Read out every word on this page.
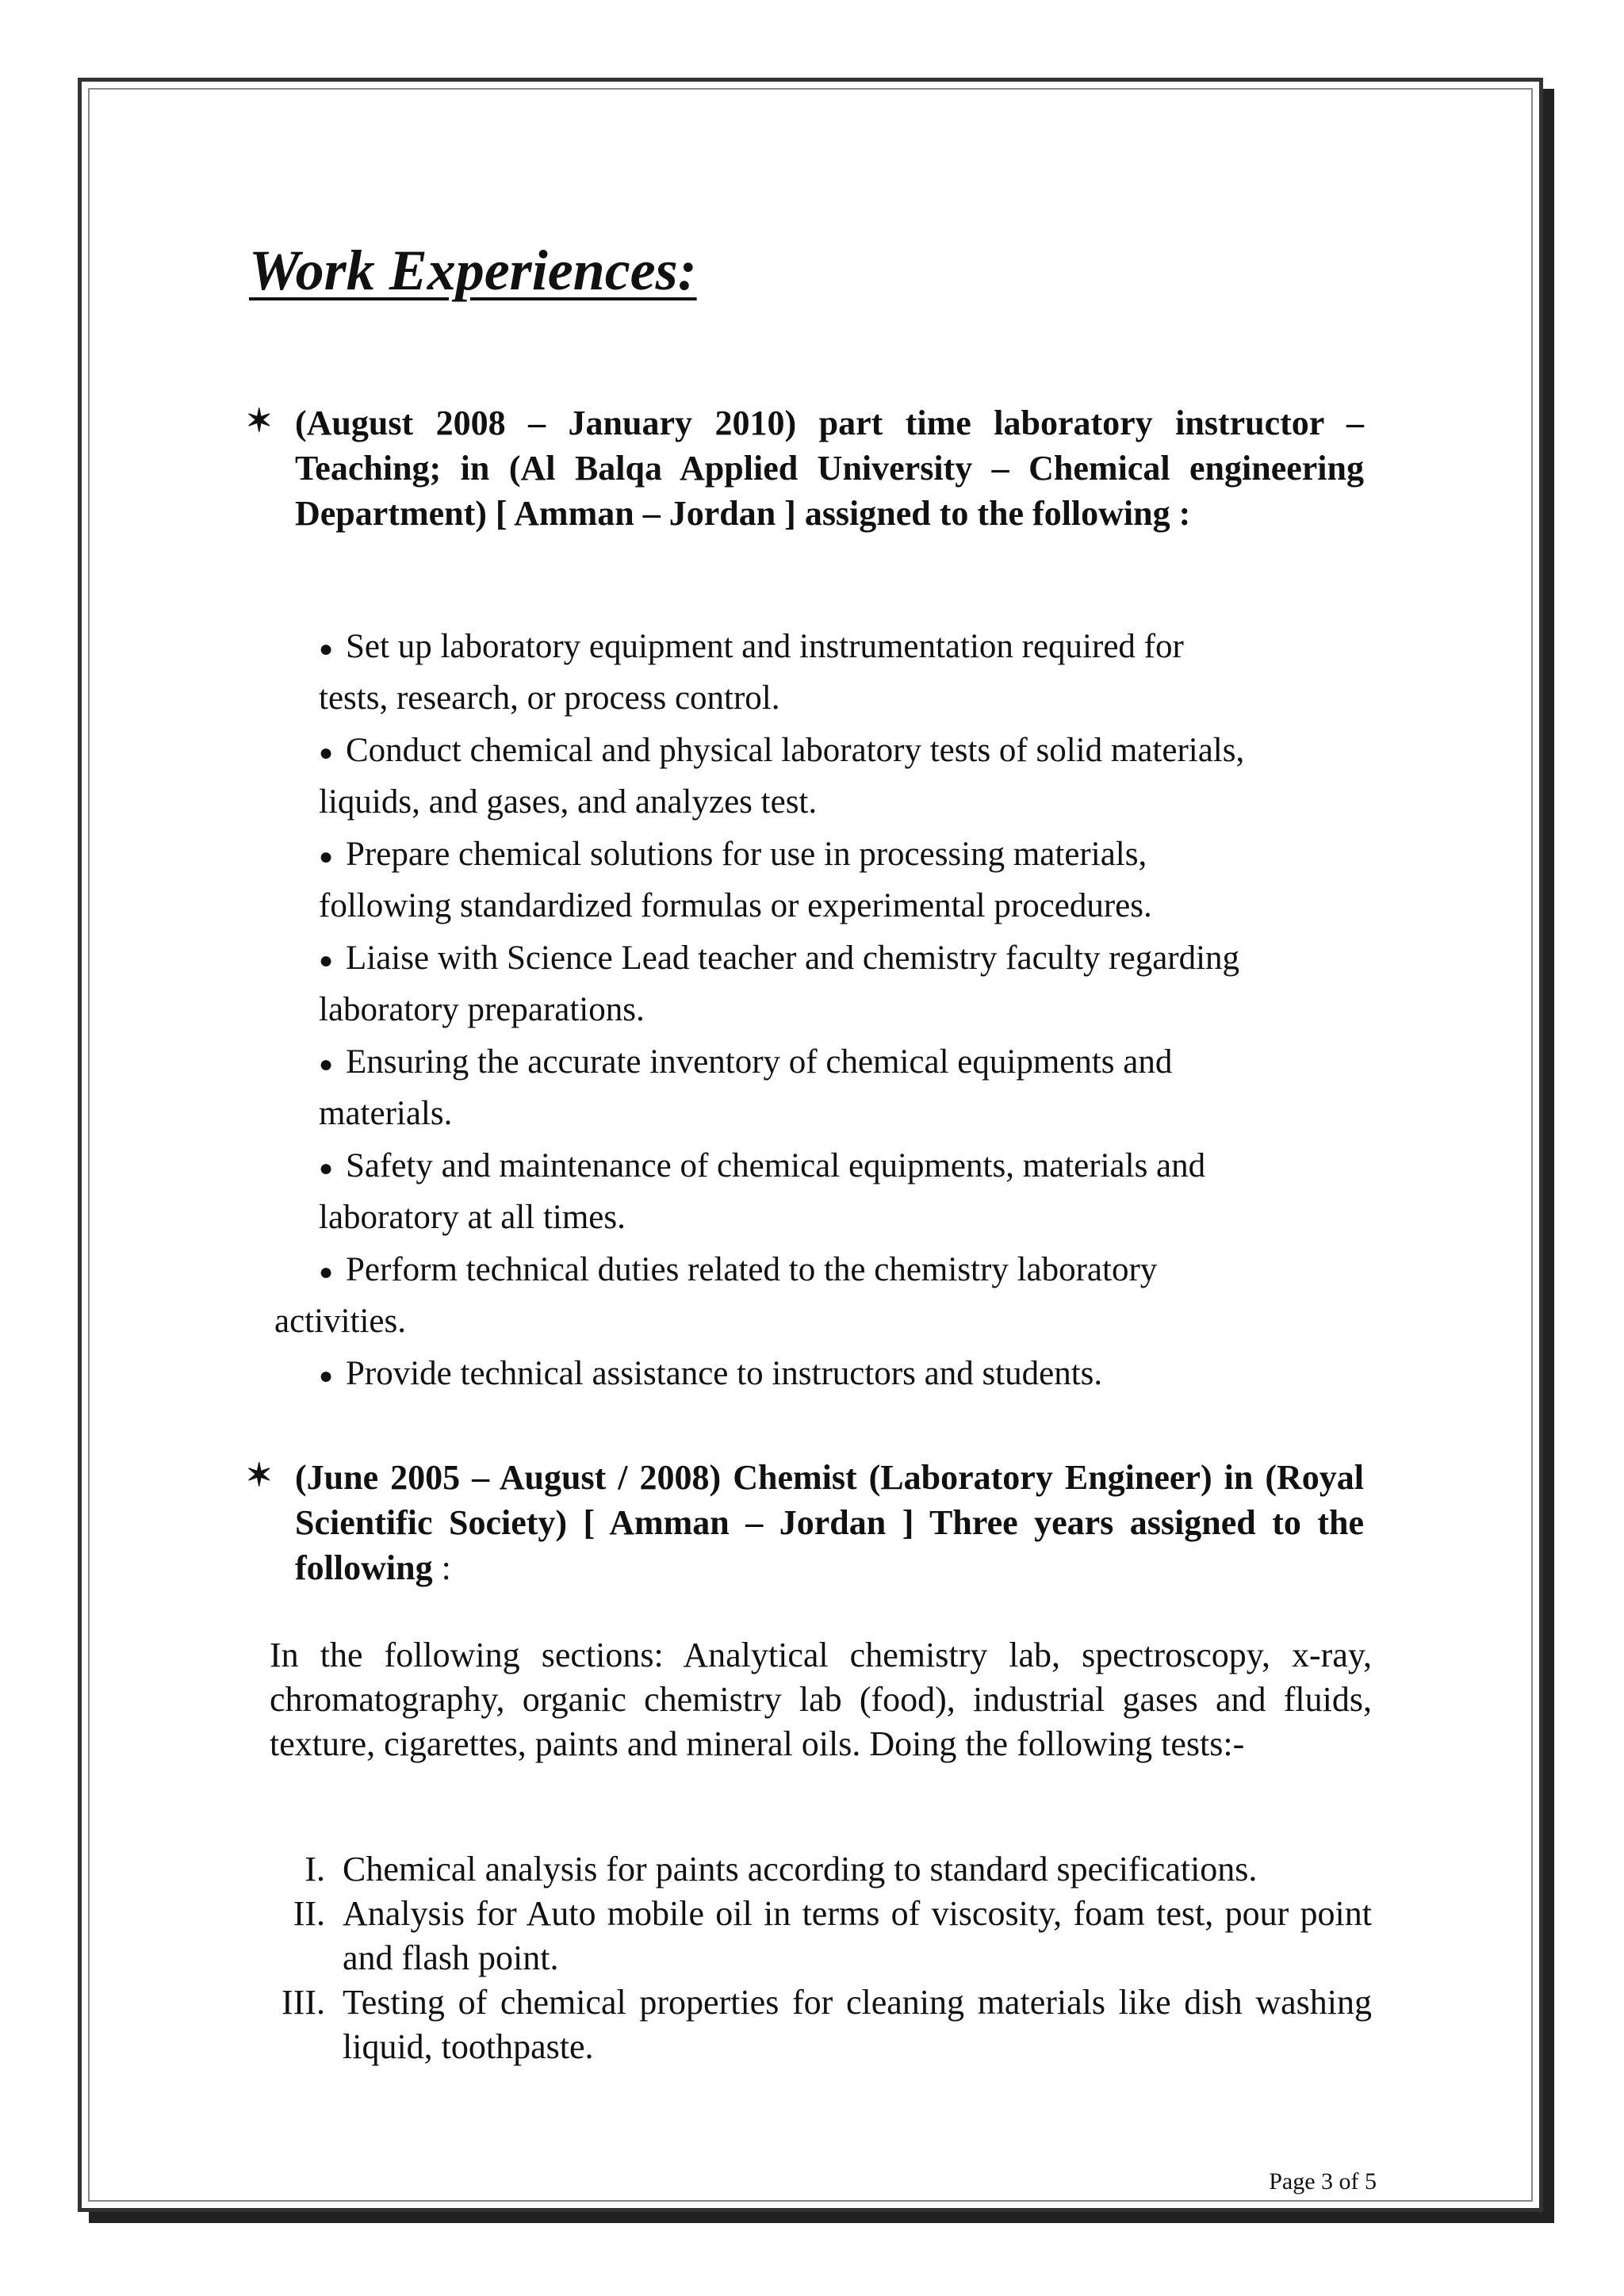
Work Experiences:
✶ (August 2008 – January 2010) part time laboratory instructor – Teaching; in (Al Balqa Applied University – Chemical engineering Department) [ Amman – Jordan ] assigned to the following :
● Set up laboratory equipment and instrumentation required for
tests, research, or process control.
● Conduct chemical and physical laboratory tests of solid materials,
liquids, and gases, and analyzes test.
● Prepare chemical solutions for use in processing materials,
following standardized formulas or experimental procedures.
● Liaise with Science Lead teacher and chemistry faculty regarding
laboratory preparations.
● Ensuring the accurate inventory of chemical equipments and
materials.
● Safety and maintenance of chemical equipments, materials and
laboratory at all times.
● Perform technical duties related to the chemistry laboratory
activities.
● Provide technical assistance to instructors and students.
✶ (June 2005 – August / 2008) Chemist (Laboratory Engineer) in (Royal Scientific Society) [ Amman – Jordan ] Three years assigned to the following :

In the following sections: Analytical chemistry lab, spectroscopy, x-ray, chromatography, organic chemistry lab (food), industrial gases and fluids, texture, cigarettes, paints and mineral oils. Doing the following tests:-

I. Chemical analysis for paints according to standard specifications.
II. Analysis for Auto mobile oil in terms of viscosity, foam test, pour point and flash point.
III. Testing of chemical properties for cleaning materials like dish washing liquid, toothpaste.
Page 3 of 5
